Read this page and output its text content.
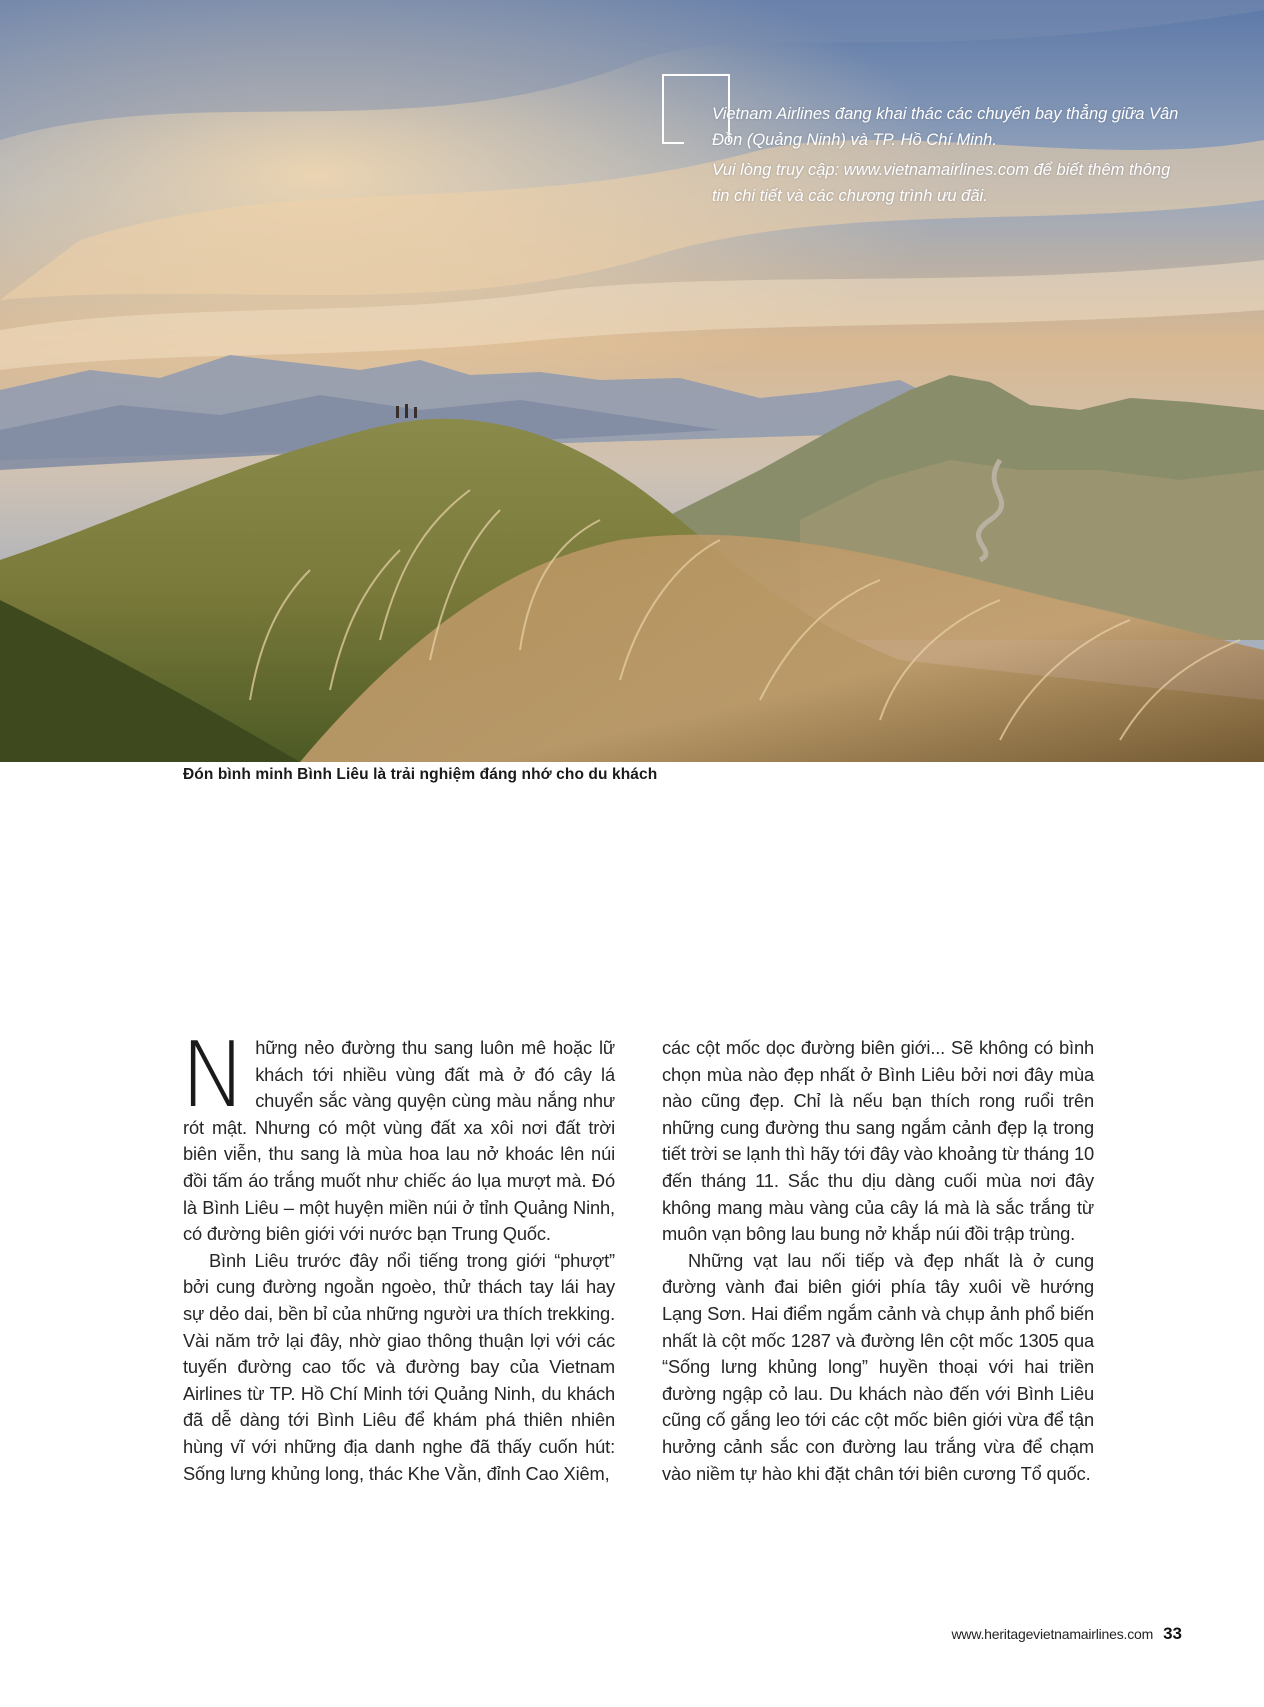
Vietnam Airlines đang khai thác các chuyến bay thẳng giữa Vân Đồn (Quảng Ninh) và TP. Hồ Chí Minh.

Vui lòng truy cập: www.vietnamairlines.com để biết thêm thông tin chi tiết và các chương trình ưu đãi.

Đón bình minh Bình Liêu là trải nghiệm đáng nhớ cho du khách

Những nẻo đường thu sang luôn mê hoặc lữ khách tới nhiều vùng đất mà ở đó cây lá chuyển sắc vàng quyện cùng màu nắng như rót mật. Nhưng có một vùng đất xa xôi nơi đất trời biên viễn, thu sang là mùa hoa lau nở khoác lên núi đồi tấm áo trắng muốt như chiếc áo lụa mượt mà. Đó là Bình Liêu – một huyện miền núi ở tỉnh Quảng Ninh, có đường biên giới với nước bạn Trung Quốc.

Bình Liêu trước đây nổi tiếng trong giới “phượt” bởi cung đường ngoằn ngoèo, thử thách tay lái hay sự dẻo dai, bền bỉ của những người ưa thích trekking. Vài năm trở lại đây, nhờ giao thông thuận lợi với các tuyến đường cao tốc và đường bay của Vietnam Airlines từ TP. Hồ Chí Minh tới Quảng Ninh, du khách đã dễ dàng tới Bình Liêu để khám phá thiên nhiên hùng vĩ với những địa danh nghe đã thấy cuốn hút: Sống lưng khủng long, thác Khe Vằn, đỉnh Cao Xiêm,

các cột mốc dọc đường biên giới... Sẽ không có bình chọn mùa nào đẹp nhất ở Bình Liêu bởi nơi đây mùa nào cũng đẹp. Chỉ là nếu bạn thích rong ruổi trên những cung đường thu sang ngắm cảnh đẹp lạ trong tiết trời se lạnh thì hãy tới đây vào khoảng từ tháng 10 đến tháng 11. Sắc thu dịu dàng cuối mùa nơi đây không mang màu vàng của cây lá mà là sắc trắng từ muôn vạn bông lau bung nở khắp núi đồi trập trùng.

Những vạt lau nối tiếp và đẹp nhất là ở cung đường vành đai biên giới phía tây xuôi về hướng Lạng Sơn. Hai điểm ngắm cảnh và chụp ảnh phổ biến nhất là cột mốc 1287 và đường lên cột mốc 1305 qua “Sống lưng khủng long” huyền thoại với hai triền đường ngập cỏ lau. Du khách nào đến với Bình Liêu cũng cố gắng leo tới các cột mốc biên giới vừa để tận hưởng cảnh sắc con đường lau trắng vừa để chạm vào niềm tự hào khi đặt chân tới biên cương Tổ quốc.

www.heritagevietnamairlines.com 33
